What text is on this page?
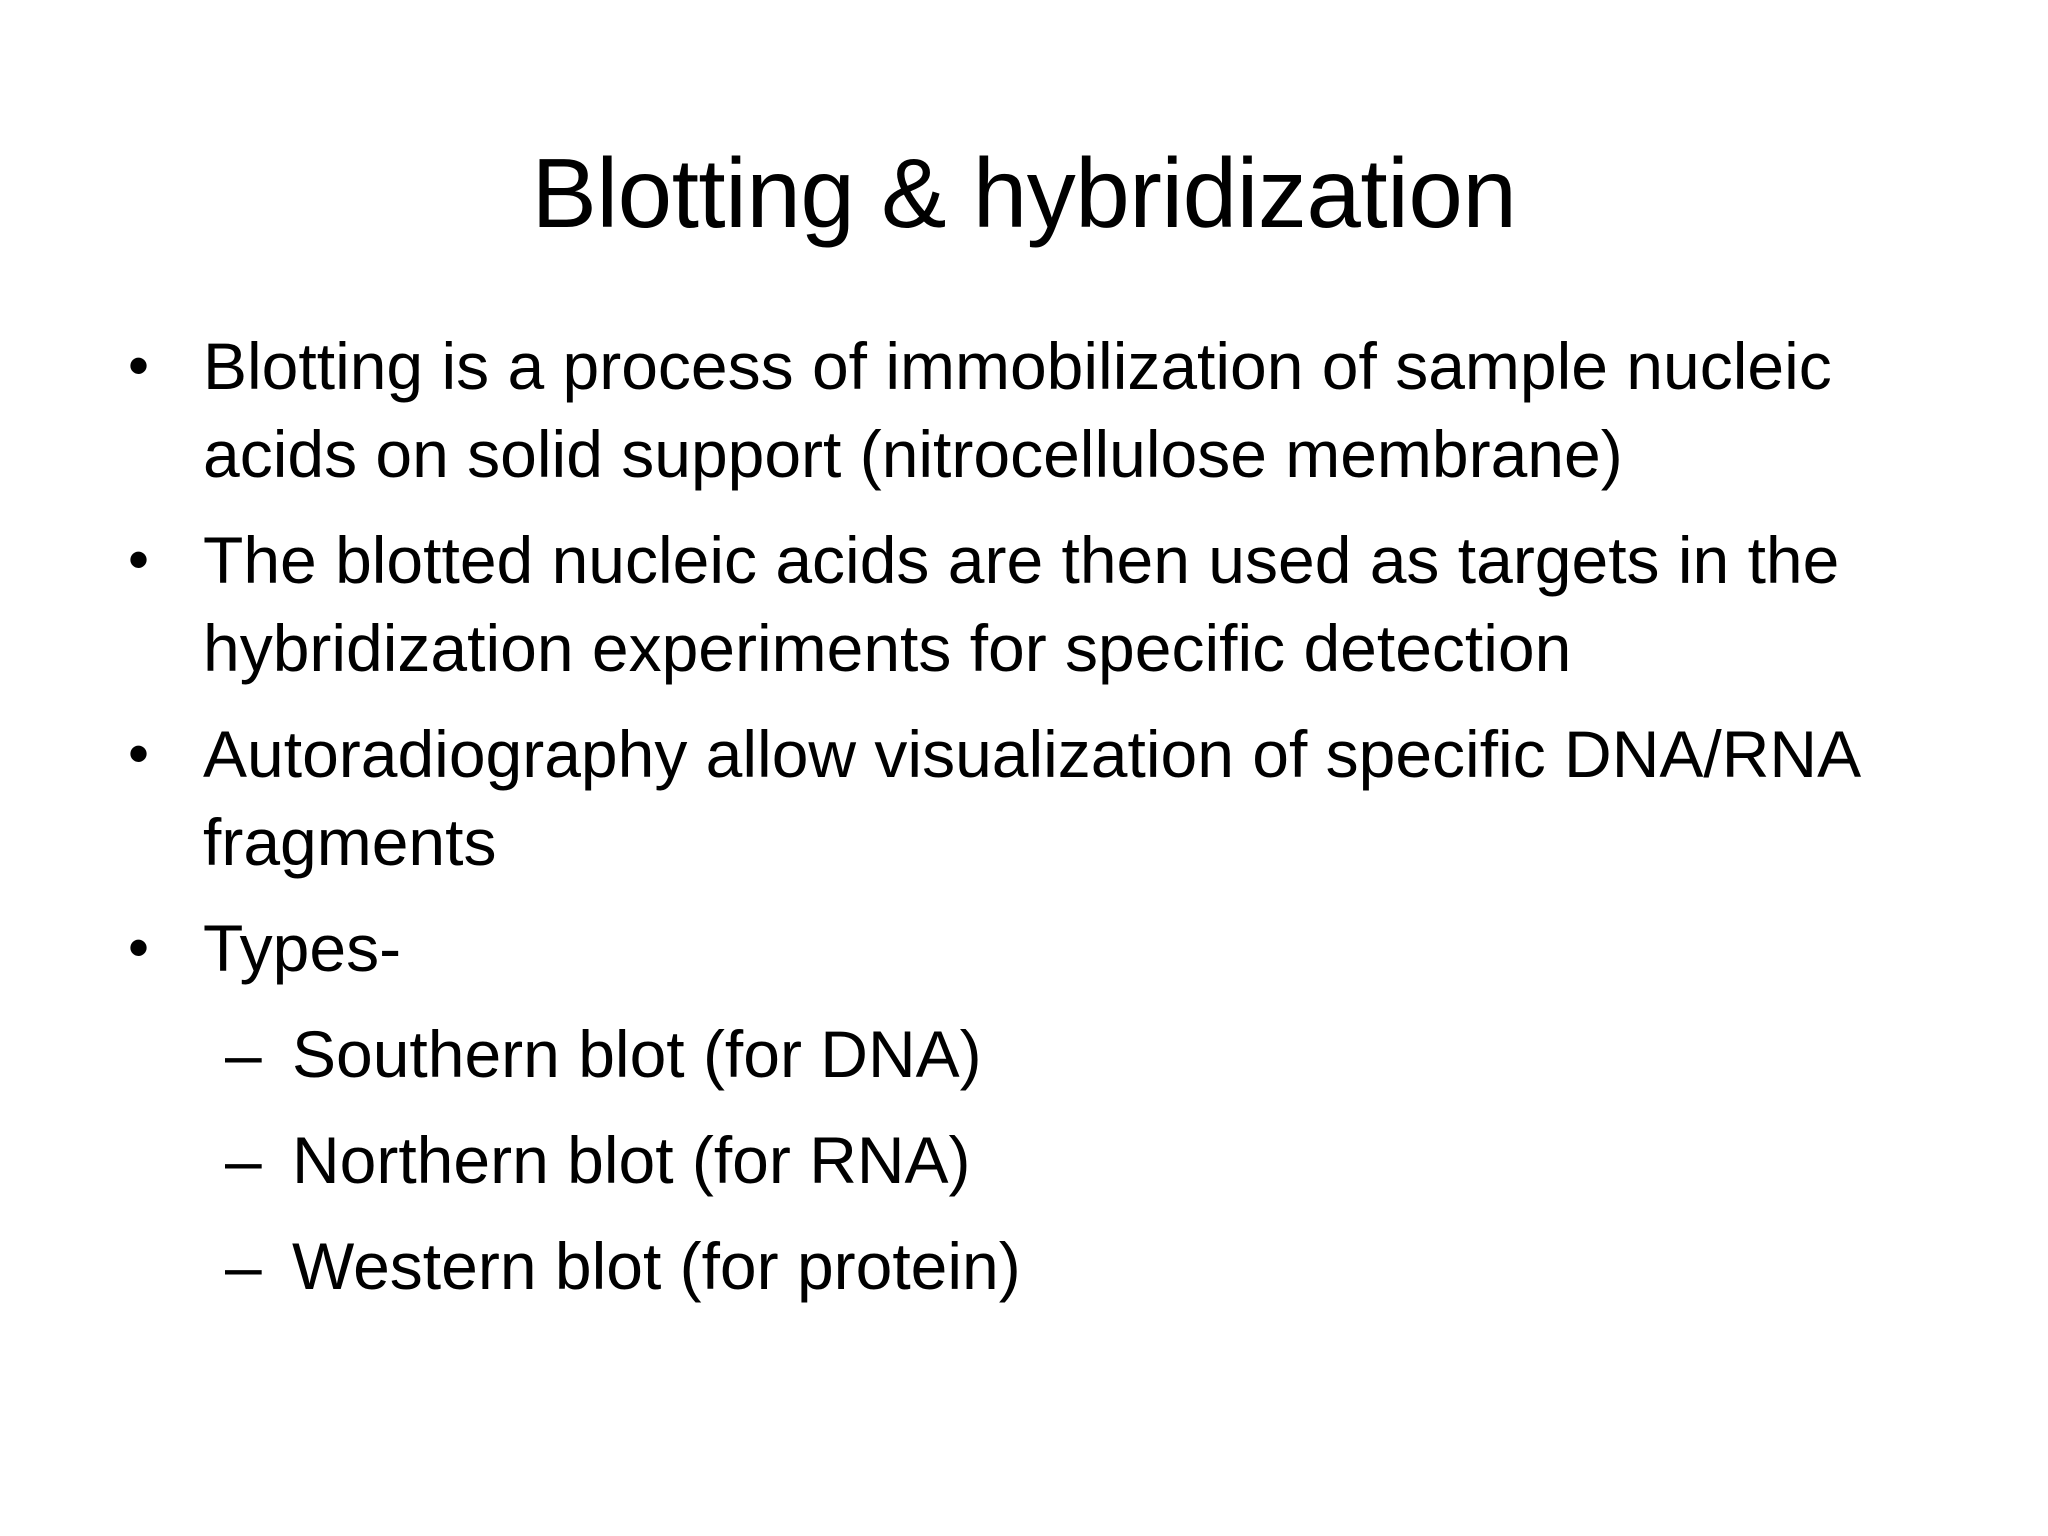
Blotting & hybridization
• Blotting is a process of immobilization of sample nucleic acids on solid support (nitrocellulose membrane)
• The blotted nucleic acids are then used as targets in the hybridization experiments for specific detection
• Autoradiography allow visualization of specific DNA/RNA fragments
• Types-
– Southern blot (for DNA)
– Northern blot (for RNA)
– Western blot (for protein)
